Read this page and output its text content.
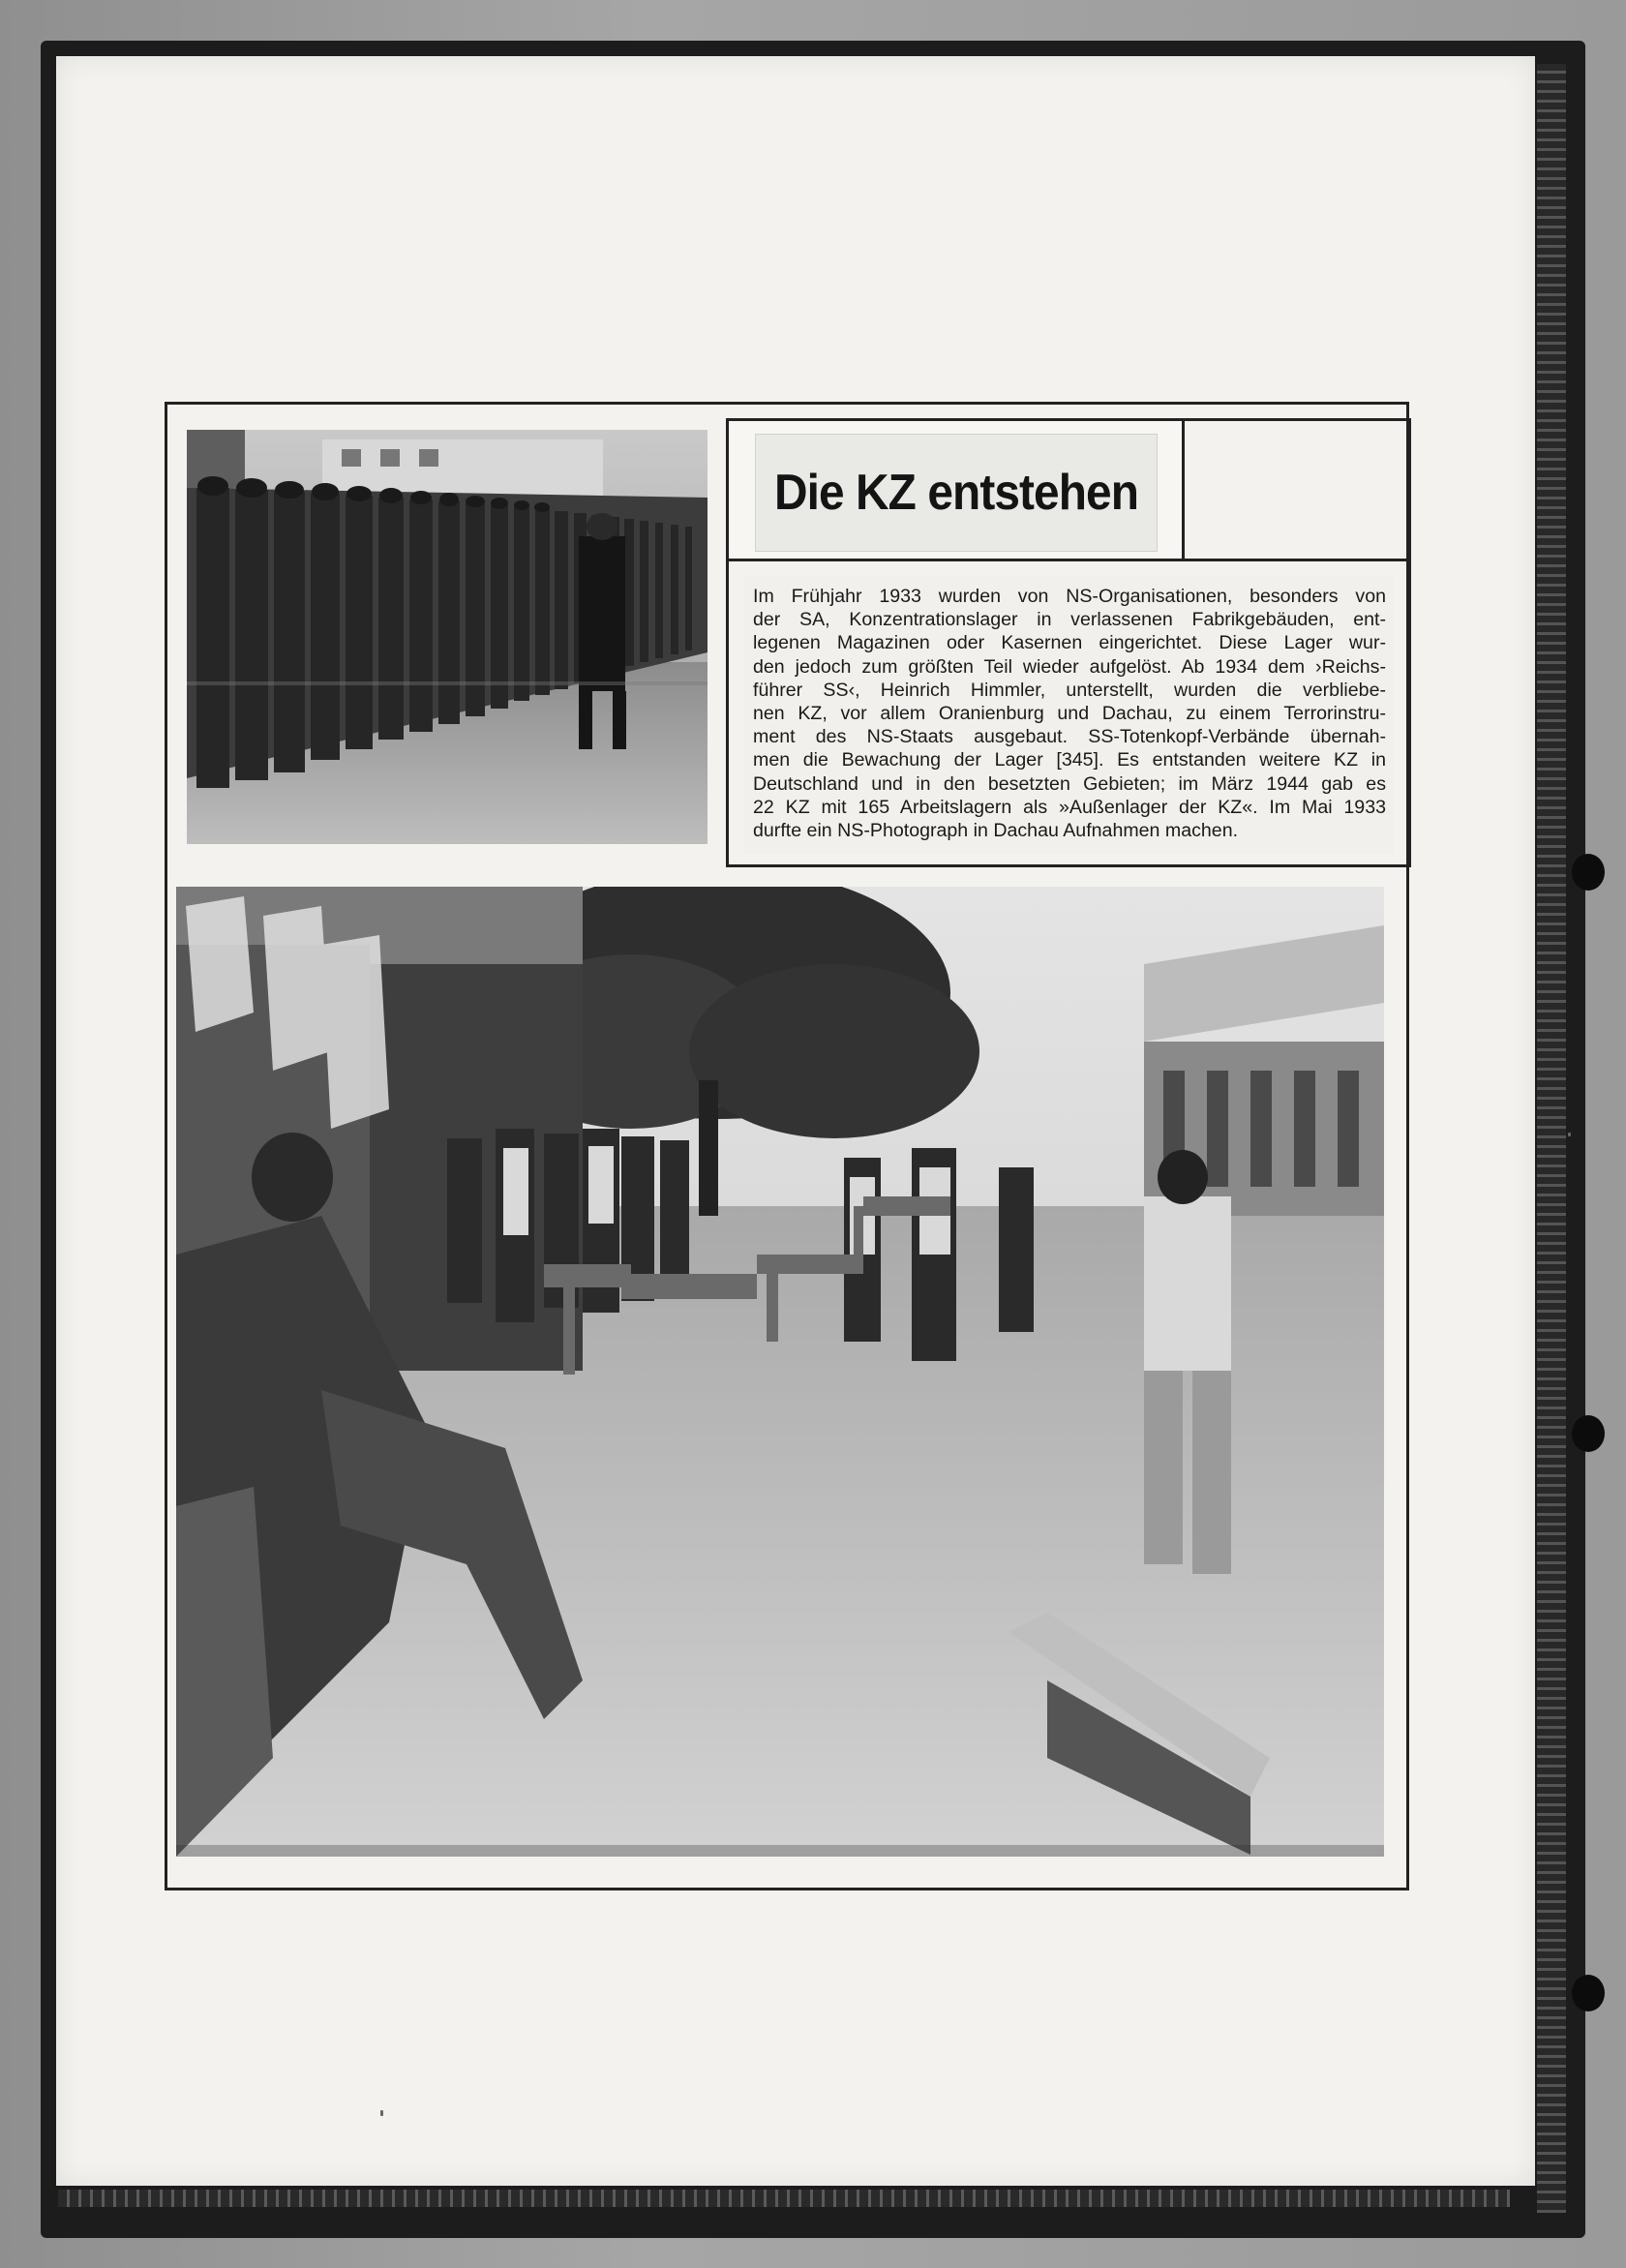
Die KZ entstehen
Im Frühjahr 1933 wurden von NS-Organisationen, besonders von
der SA, Konzentrationslager in verlassenen Fabrikgebäuden, ent-
legenen Magazinen oder Kasernen eingerichtet. Diese Lager wur-
den jedoch zum größten Teil wieder aufgelöst. Ab 1934 dem ›Reichs-
führer SS‹, Heinrich Himmler, unterstellt, wurden die verbliebe-
nen KZ, vor allem Oranienburg und Dachau, zu einem Terrorinstru-
ment des NS-Staats ausgebaut. SS-Totenkopf-Verbände übernah-
men die Bewachung der Lager [345]. Es entstanden weitere KZ in
Deutschland und in den besetzten Gebieten; im März 1944 gab es
22 KZ mit 165 Arbeitslagern als »Außenlager der KZ«. Im Mai 1933
durfte ein NS-Photograph in Dachau Aufnahmen machen.
